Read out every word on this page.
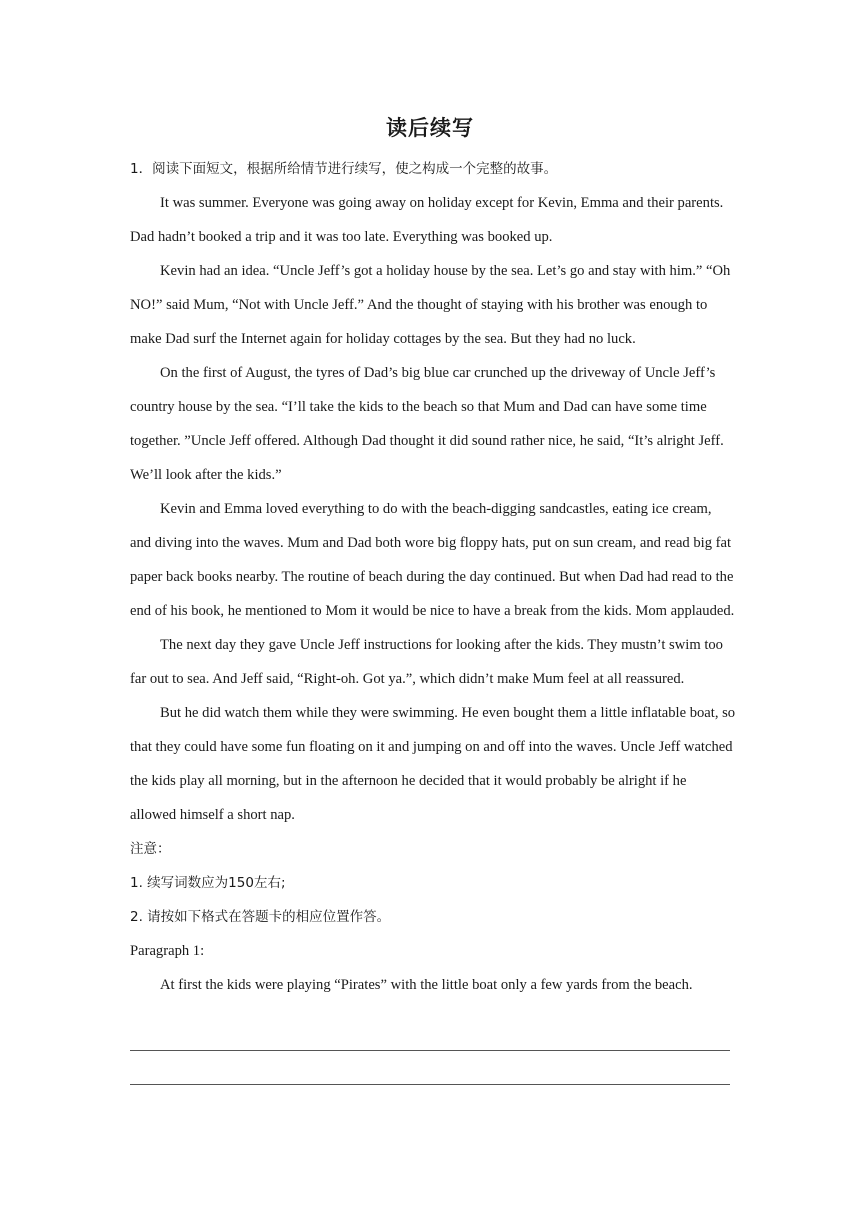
读后续写

1．阅读下面短文，根据所给情节进行续写，使之构成一个完整的故事。

It was summer. Everyone was going away on holiday except for Kevin, Emma and their parents. Dad hadn’t booked a trip and it was too late. Everything was booked up.

Kevin had an idea. “Uncle Jeff’s got a holiday house by the sea. Let’s go and stay with him.” “Oh NO!” said Mum, “Not with Uncle Jeff.” And the thought of staying with his brother was enough to make Dad surf the Internet again for holiday cottages by the sea. But they had no luck.

On the first of August, the tyres of Dad’s big blue car crunched up the driveway of Uncle Jeff’s country house by the sea. “I’ll take the kids to the beach so that Mum and Dad can have some time together. ”Uncle Jeff offered. Although Dad thought it did sound rather nice, he said, “It’s alright Jeff. We’ll look after the kids.”

Kevin and Emma loved everything to do with the beach-digging sandcastles, eating ice cream, and diving into the waves. Mum and Dad both wore big floppy hats, put on sun cream, and read big fat paper back books nearby. The routine of beach during the day continued. But when Dad had read to the end of his book, he mentioned to Mom it would be nice to have a break from the kids. Mom applauded.

The next day they gave Uncle Jeff instructions for looking after the kids. They mustn’t swim too far out to sea. And Jeff said, “Right-oh. Got ya.”, which didn’t make Mum feel at all reassured.

But he did watch them while they were swimming. He even bought them a little inflatable boat, so that they could have some fun floating on it and jumping on and off into the waves. Uncle Jeff watched the kids play all morning, but in the afternoon he decided that it would probably be alright if he allowed himself a short nap.

注意：

1. 续写词数应为150左右;

2. 请按如下格式在答题卡的相应位置作答。

Paragraph 1:

At first the kids were playing “Pirates” with the little boat only a few yards from the beach.
